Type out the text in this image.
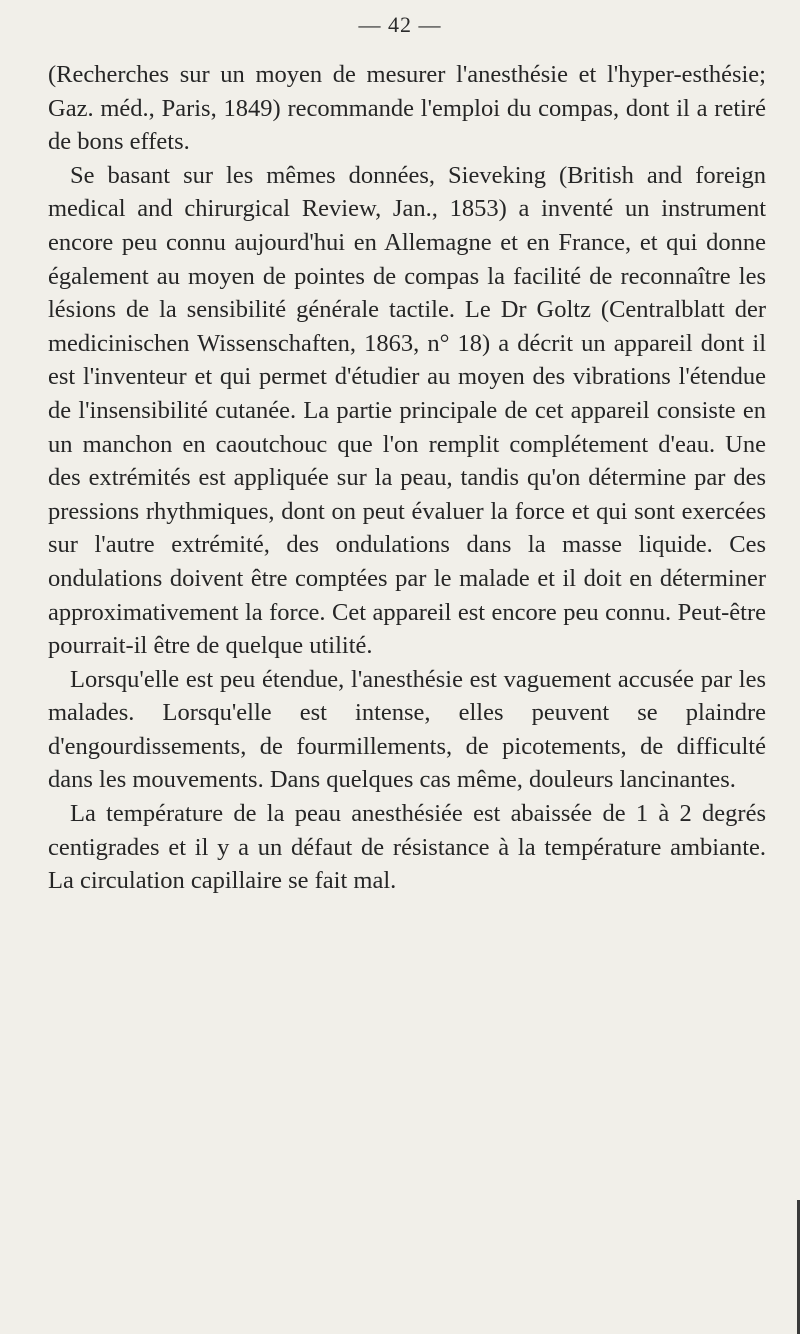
— 42 —

(Recherches sur un moyen de mesurer l'anesthésie et l'hyper-esthésie; Gaz. méd., Paris, 1849) recommande l'emploi du compas, dont il a retiré de bons effets.

Se basant sur les mêmes données, Sieveking (British and foreign medical and chirurgical Review, Jan., 1853) a inventé un instrument encore peu connu aujourd'hui en Allemagne et en France, et qui donne également au moyen de pointes de compas la facilité de reconnaître les lésions de la sensibilité générale tactile. Le Dr Goltz (Centralblatt der medicinischen Wissenschaften, 1863, n° 18) a décrit un appareil dont il est l'inventeur et qui permet d'étudier au moyen des vibrations l'étendue de l'insensibilité cutanée. La partie principale de cet appareil consiste en un manchon en caoutchouc que l'on remplit complétement d'eau. Une des extrémités est appliquée sur la peau, tandis qu'on détermine par des pressions rhythmiques, dont on peut évaluer la force et qui sont exercées sur l'autre extrémité, des ondulations dans la masse liquide. Ces ondulations doivent être comptées par le malade et il doit en déterminer approximativement la force. Cet appareil est encore peu connu. Peut-être pourrait-il être de quelque utilité.

Lorsqu'elle est peu étendue, l'anesthésie est vaguement accusée par les malades. Lorsqu'elle est intense, elles peuvent se plaindre d'engourdissements, de fourmillements, de picotements, de difficulté dans les mouvements. Dans quelques cas même, douleurs lancinantes.

La température de la peau anesthésiée est abaissée de 1 à 2 degrés centigrades et il y a un défaut de résistance à la température ambiante. La circulation capillaire se fait mal.
